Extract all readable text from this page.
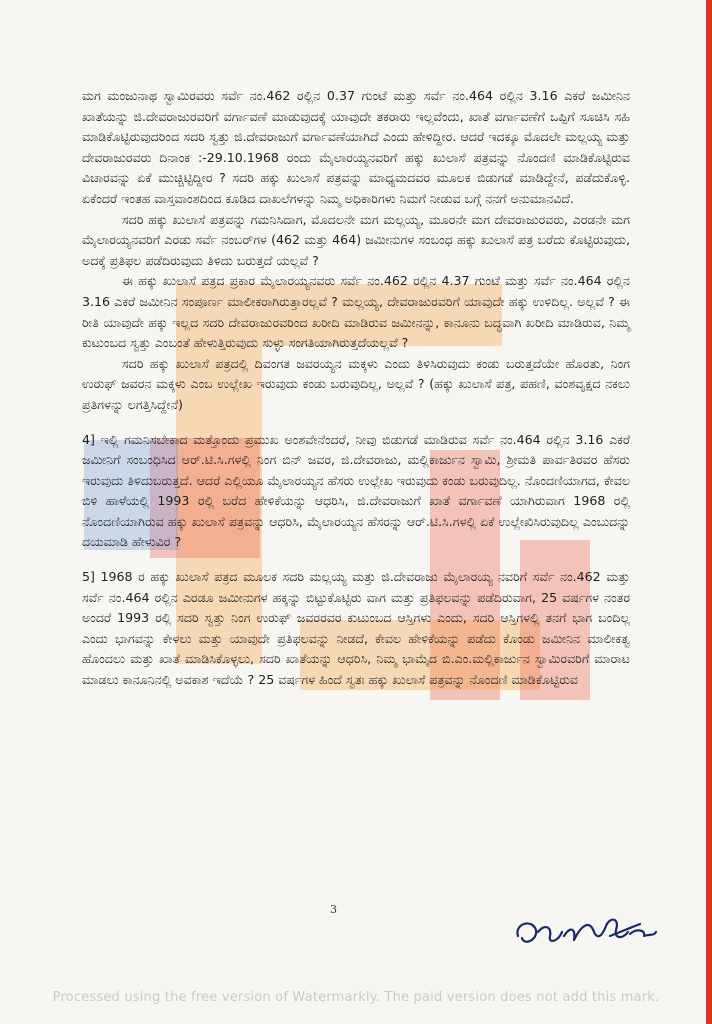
ಮಗ ಮಂಜುನಾಥ ಸ್ವಾಮಿರವರು ಸರ್ವೆ ನಂ.462 ರಲ್ಲಿನ 0.37 ಗುಂಟೆ ಮತ್ತು ಸರ್ವೆ ನಂ.464 ರಲ್ಲಿನ 3.16 ಎಕರೆ ಜಮೀನಿನ ಖಾತೆಯನ್ನು ಜಿ.ದೇವರಾಜುರವರಿಗೆ ವರ್ಗಾವಣೆ ಮಾಡುವುದಕ್ಕೆ ಯಾವುದೇ ತಕರಾರು ಇಲ್ಲವೆಂದು, ಖಾತೆ ವರ್ಗಾವಣೆಗೆ ಒಪ್ಪಿಗೆ ಸೂಚಿಸಿ ಸಹಿ ಮಾಡಿಕೊಟ್ಟಿರುವುದರಿಂದ ಸದರಿ ಸ್ವತ್ತು ಜಿ.ದೇವರಾಜುಗೆ ವರ್ಗಾವಣೆಯಾಗಿದೆ ಎಂದು ಹೇಳಿದ್ದೀರ. ಆದರೆ ಇದಕ್ಕೂ ಮೊದಲೇ ಮಲ್ಲಯ್ಯ ಮತ್ತು ದೇವರಾಜುರವರು ದಿನಾಂಕ :-29.10.1968 ರಂದು ಮೈಲಾರಯ್ಯನವರಿಗೆ ಹಕ್ಕು ಖುಲಾಸೆ ಪತ್ರವನ್ನು ನೊಂದಣಿ ಮಾಡಿಕೊಟ್ಟಿರುವ ವಿಚಾರವನ್ನು ಏಕೆ ಮುಚ್ಚಿಟ್ಟಿದ್ದೀರ ? ಸದರಿ ಹಕ್ಕು ಖುಲಾಸೆ ಪತ್ರವನ್ನು ಮಾಧ್ಯಮದವರ ಮೂಲಕ ಬಿಡುಗಡೆ ಮಾಡಿದ್ದೇನೆ, ಪಡೆದುಕೊಳ್ಳಿ. ಏಕೆಂದರೆ ಇಂತಹ ವಾಸ್ತವಾಂಶದಿಂದ ಕೂಡಿದ ದಾಖಲೆಗಳನ್ನು ನಿಮ್ಮ ಅಧಿಕಾರಿಗಳು ನಿಮಗೆ ನೀಡುವ ಬಗ್ಗೆ ನನಗೆ ಅನುಮಾನವಿದೆ.

ಸದರಿ ಹಕ್ಕು ಖುಲಾಸೆ ಪತ್ರವನ್ನು ಗಮನಿಸಿದಾಗ, ಮೊದಲನೇ ಮಗ ಮಲ್ಲಯ್ಯ, ಮೂರನೇ ಮಗ ದೇವರಾಜುರವರು, ಎರಡನೇ ಮಗ ಮೈಲಾರಯ್ಯನವರಿಗೆ ಎರಡು ಸರ್ವೆ ನಂಬರ್‌ಗಳ (462 ಮತ್ತು 464) ಜಮೀನುಗಳ ಸಂಬಂಧ ಹಕ್ಕು ಖುಲಾಸೆ ಪತ್ರ ಬರೆದು ಕೊಟ್ಟಿರುವುದು, ಅದಕ್ಕೆ ಪ್ರತಿಫಲ ಪಡೆದಿರುವುದು ತಿಳಿದು ಬರುತ್ತದೆ ಯಲ್ಲವೆ ?

ಈ ಹಕ್ಕು ಖುಲಾಸೆ ಪತ್ರದ ಪ್ರಕಾರ ಮೈಲಾರಯ್ಯನವರು ಸರ್ವೆ ನಂ.462 ರಲ್ಲಿನ 4.37 ಗುಂಟೆ ಮತ್ತು ಸರ್ವೆ ನಂ.464 ರಲ್ಲಿನ 3.16 ಎಕರೆ ಜಮೀನಿನ ಸಂಪೂರ್ಣ ಮಾಲೀಕರಾಗಿರುತ್ತಾರಲ್ಲವೆ ? ಮಲ್ಲಯ್ಯ, ದೇವರಾಜುರವರಿಗೆ ಯಾವುದೇ ಹಕ್ಕು ಉಳಿದಿಲ್ಲ. ಅಲ್ಲವೆ ? ಈ ರೀತಿ ಯಾವುದೇ ಹಕ್ಕು ಇಲ್ಲದ ಸದರಿ ದೇವರಾಜುರವರಿಂದ ಖರೀದಿ ಮಾಡಿರುವ ಜಮೀನನ್ನು, ಕಾನೂನು ಬದ್ಧವಾಗಿ ಖರೀದಿ ಮಾಡಿರುವ, ನಿಮ್ಮ ಕುಟುಂಬದ ಸ್ವತ್ತು ಎಂಬಂತೆ ಹೇಳುತ್ತಿರುವುದು ಸುಳ್ಳು ಸಂಗತಿಯಾಗಿರುತ್ತದೆಯಲ್ಲವೆ ?

ಸದರಿ ಹಕ್ಕು ಖುಲಾಸೆ ಪತ್ರದಲ್ಲಿ ದಿವಂಗತ ಜವರಯ್ಯನ ಮಕ್ಕಳು ಎಂದು ತಿಳಿಸಿರುವುದು ಕಂಡು ಬರುತ್ತದೆಯೇ ಹೊರತು, ನಿಂಗ ಉರುಫ್ ಜವರನ ಮಕ್ಕಳು ಎಂಬ ಉಲ್ಲೇಖ ಇರುವುದು ಕಂಡು ಬರುವುದಿಲ್ಲ, ಅಲ್ಲವೆ ? (ಹಕ್ಕು ಖುಲಾಸೆ ಪತ್ರ, ಪಹಣಿ, ವಂಶವೃಕ್ಷದ ನಕಲು ಪ್ರತಿಗಳನ್ನು ಲಗತ್ತಿಸಿದ್ದೇನೆ)

4] ಇಲ್ಲಿ ಗಮನಿಸಬೇಕಾದ ಮತ್ತೊಂದು ಪ್ರಮುಖ ಅಂಶವೇನೆಂದರೆ, ನೀವು ಬಿಡುಗಡೆ ಮಾಡಿರುವ ಸರ್ವೆ ನಂ.464 ರಲ್ಲಿನ 3.16 ಎಕರೆ ಜಮೀನಿಗೆ ಸಂಬಂಧಿಸಿದ ಆರ್.ಟಿ.ಸಿ.ಗಳಲ್ಲಿ ನಿಂಗ ಬಿನ್ ಜವರ, ಜಿ.ದೇವರಾಜು, ಮಲ್ಲಿಕಾರ್ಜುನ ಸ್ವಾಮಿ, ಶ್ರೀಮತಿ ಪಾರ್ವತಿರವರ ಹೆಸರು ಇರುವುದು ತಿಳಿದುಬರುತ್ತದೆ. ಆದರೆ ಎಲ್ಲಿಯೂ ಮೈಲಾರಯ್ಯನ ಹೆಸರು ಉಲ್ಲೇಖ ಇರುವುದು ಕಂಡು ಬರುವುದಿಲ್ಲ. ನೊಂದಣಿಯಾಗದ, ಕೇವಲ ಬಿಳಿ ಹಾಳೆಯಲ್ಲಿ 1993 ರಲ್ಲಿ ಬರೆದ ಹೇಳಿಕೆಯನ್ನು ಆಧರಿಸಿ, ಜಿ.ದೇವರಾಜುಗೆ ಖಾತೆ ವರ್ಗಾವಣೆ ಯಾಗಿರುವಾಗ 1968 ರಲ್ಲಿ ನೊಂದಣಿಯಾಗಿರುವ ಹಕ್ಕು ಖುಲಾಸೆ ಪತ್ರವನ್ನು ಆಧರಿಸಿ, ಮೈಲಾರಯ್ಯನ ಹೆಸರನ್ನು ಆರ್.ಟಿ.ಸಿ.ಗಳಲ್ಲಿ ಏಕೆ ಉಲ್ಲೇಖಿಸಿರುವುದಿಲ್ಲ ಎಂಬುದನ್ನು ದಯಮಾಡಿ ಹೇಳುವಿರ ?

5] 1968 ರ ಹಕ್ಕು ಖುಲಾಸೆ ಪತ್ರದ ಮೂಲಕ ಸದರಿ ಮಲ್ಲಯ್ಯ ಮತ್ತು ಜಿ.ದೇವರಾಜು ಮೈಲಾರಯ್ಯ ನವರಿಗೆ ಸರ್ವೆ ನಂ.462 ಮತ್ತು ಸರ್ವೆ ನಂ.464 ರಲ್ಲಿನ ಎರಡೂ ಜಮೀನುಗಳ ಹಕ್ಕನ್ನು ಬಿಟ್ಟುಕೊಟ್ಟಿರು ವಾಗ ಮತ್ತು ಪ್ರತಿಫಲವನ್ನು ಪಡೆದಿರುವಾಗ, 25 ವರ್ಷಗಳ ನಂತರ ಅಂದರೆ 1993 ರಲ್ಲಿ ಸದರಿ ಸ್ವತ್ತು ನಿಂಗ ಉರುಫ್ ಜವರರವರ ಕುಟುಂಬದ ಆಸ್ತಿಗಳು ಎಂದು, ಸದರಿ ಆಸ್ತಿಗಳಲ್ಲಿ ತನಗೆ ಭಾಗ ಬಂದಿಲ್ಲ ಎಂದು ಭಾಗವನ್ನು ಕೇಳಲು ಮತ್ತು ಯಾವುದೇ ಪ್ರತಿಫಲವನ್ನು ನೀಡದೆ, ಕೇವಲ ಹೇಳಿಕೆಯನ್ನು ಪಡೆದು ಕೊಂಡು ಜಮೀನಿನ ಮಾಲೀಕತ್ವ ಹೊಂದಲು ಮತ್ತು ಖಾತೆ ಮಾಡಿಸಿಕೊಳ್ಳಲು, ಸದರಿ ಖಾತೆಯನ್ನು ಆಧರಿಸಿ, ನಿಮ್ಮ ಭಾಮೈದ ಬಿ.ಎಂ.ಮಲ್ಲಿಕಾರ್ಜುನ ಸ್ವಾಮಿರವರಿಗೆ ಮಾರಾಟ ಮಾಡಲು ಕಾನೂನಿನಲ್ಲಿ ಅವಕಾಶ ಇದೆಯೆ ? 25 ವರ್ಷಗಳ ಹಿಂದೆ ಸ್ವತಃ ಹಕ್ಕು ಖುಲಾಸೆ ಪತ್ರವನ್ನು ನೊಂದಣಿ ಮಾಡಿಕೊಟ್ಟಿರುವ

3
Processed using the free version of Watermarkly. The paid version does not add this mark.
